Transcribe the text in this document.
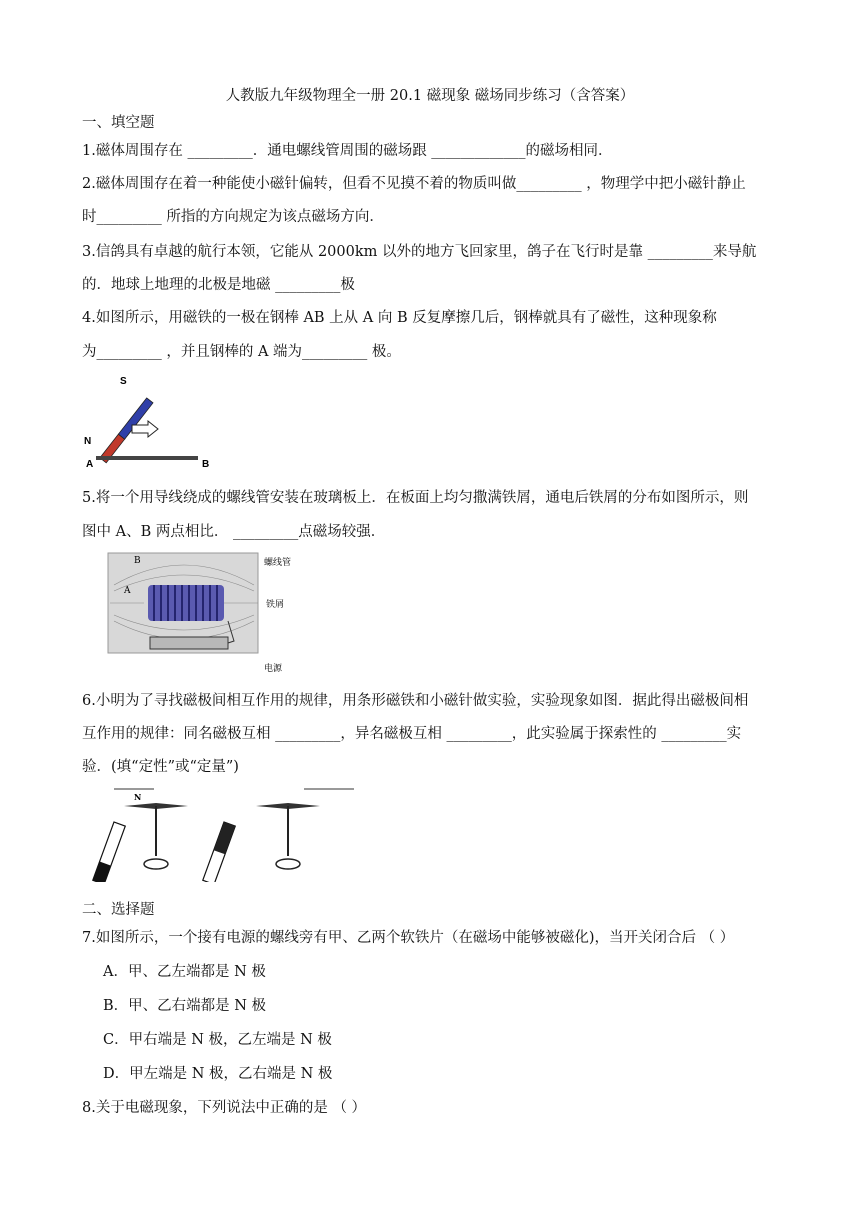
人教版九年级物理全一册 20.1 磁现象 磁场同步练习（含答案）
一、填空题
1.磁体周围存在 _________．通电螺线管周围的磁场跟 _____________的磁场相同．
2.磁体周围存在着一种能使小磁针偏转，但看不见摸不着的物质叫做_________ ，物理学中把小磁针静止
时_________ 所指的方向规定为该点磁场方向．
3.信鸽具有卓越的航行本领，它能从 2000km 以外的地方飞回家里，鸽子在飞行时是靠 _________来导航
的．地球上地理的北极是地磁 _________极
4.如图所示，用磁铁的一极在钢棒 AB 上从 A 向 B 反复摩擦几后，钢棒就具有了磁性，这种现象称
为_________ ，并且钢棒的 A 端为_________ 极。
S
N
A	B
5.将一个用导线绕成的螺线管安装在玻璃板上．在板面上均匀撒满铁屑，通电后铁屑的分布如图所示，则
图中 A、B 两点相比． _________点磁场较强．
B
A
螺线管
铁屑
电源
6.小明为了寻找磁极间相互作用的规律，用条形磁铁和小磁针做实验，实验现象如图．据此得出磁极间相
互作用的规律：同名磁极互相 _________，异名磁极互相 _________，此实验属于探索性的 _________实
验．(填“定性”或“定量”)
N
二、选择题
7.如图所示，一个接有电源的螺线旁有甲、乙两个软铁片（在磁场中能够被磁化)，当开关闭合后 （ ）
A．甲、乙左端都是 N 极
B．甲、乙右端都是 N 极
C．甲右端是 N 极，乙左端是 N 极
D．甲左端是 N 极，乙右端是 N 极
8.关于电磁现象，下列说法中正确的是 （ ）
